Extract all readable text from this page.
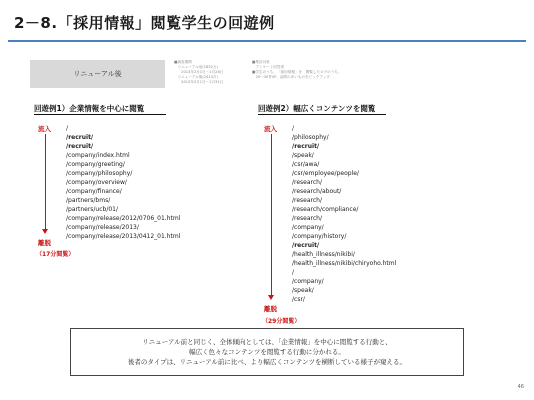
2－8.「採用情報」閲覧学生の回遊例
リニューアル後
■調査期間
　リニューアル前(1852万)
　　2013年2月1日～1月28日
　リニューアル後(2413万)
　　2013年3月1日～1月31日
■集計対象
　アンケート回答者
■学生のうち、「採用情報」を　閲覧したログのうち、
　20～30件/IP、訪問の多いものをピックアップ
回遊例1）企業情報を中心に閲覧
流入
離脱
（17分閲覧）
/
/recruit/
/recruit/
/company/index.html
/company/greeting/
/company/philosophy/
/company/overview/
/company/finance/
/partners/bms/
/partners/ucb/01/
/company/release/2012/0706_01.html
/company/release/2013/
/company/release/2013/0412_01.html
回遊例2）幅広くコンテンツを閲覧
流入
離脱
（29分閲覧）
/
/philosophy/
/recruit/
/speak/
/csr/awa/
/csr/employee/people/
/research/
/research/about/
/research/
/research/compliance/
/research/
/company/
/company/history/
/recruit/
/health_illness/nikibi/
/health_illness/nikibi/chiryoho.html
/
/company/
/speak/
/csr/
リニューアル前と同じく、全体傾向としては、「企業情報」を中心に閲覧する行動と、
幅広く色々なコンテンツを閲覧する行動に分かれる。
後者のタイプは、リニューアル前に比べ、より幅広くコンテンツを横断している様子が窺える。
46
